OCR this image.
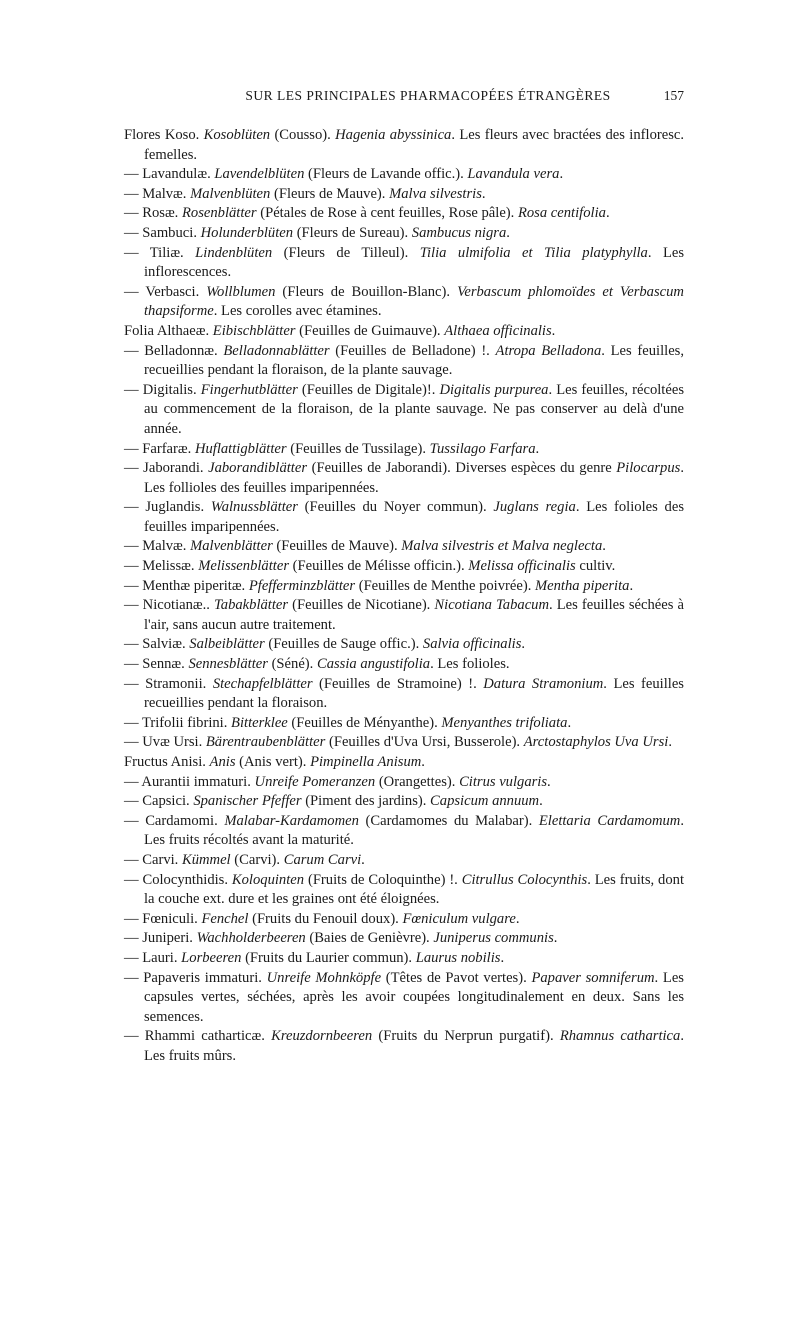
SUR LES PRINCIPALES PHARMACOPÉES ÉTRANGÈRES	157

Flores Koso. Kosoblüten (Cousso). Hagenia abyssinica. Les fleurs avec bractées des infloresc. femelles.

— Lavandulæ. Lavendelblüten (Fleurs de Lavande offic.). Lavandula vera.

— Malvæ. Malvenblüten (Fleurs de Mauve). Malva silvestris.

— Rosæ. Rosenblätter (Pétales de Rose à cent feuilles, Rose pâle). Rosa centifolia.

— Sambuci. Holunderblüten (Fleurs de Sureau). Sambucus nigra.

— Tiliæ. Lindenblüten (Fleurs de Tilleul). Tilia ulmifolia et Tilia platyphylla. Les inflorescences.

— Verbasci. Wollblumen (Fleurs de Bouillon-Blanc). Verbascum phlomoïdes et Verbascum thapsiforme. Les corolles avec étamines.

Folia Althaeæ. Eibischblätter (Feuilles de Guimauve). Althaea officinalis.

— Belladonnæ. Belladonnablätter (Feuilles de Belladone) !. Atropa Belladona. Les feuilles, recueillies pendant la floraison, de la plante sauvage.

— Digitalis. Fingerhutblätter (Feuilles de Digitale)!. Digitalis purpurea. Les feuilles, récoltées au commencement de la floraison, de la plante sauvage. Ne pas conserver au delà d'une année.

— Farfaræ. Huflattigblätter (Feuilles de Tussilage). Tussilago Farfara.

— Jaborandi. Jaborandiblätter (Feuilles de Jaborandi). Diverses espèces du genre Pilocarpus. Les follioles des feuilles imparipennées.

— Juglandis. Walnussblätter (Feuilles du Noyer commun). Juglans regia. Les folioles des feuilles imparipennées.

— Malvæ. Malvenblätter (Feuilles de Mauve). Malva silvestris et Malva neglecta.

— Melissæ. Melissenblätter (Feuilles de Mélisse officin.). Melissa officinalis cultiv.

— Menthæ piperitæ. Pfefferminzblätter (Feuilles de Menthe poivrée). Mentha piperita.

— Nicotianæ.. Tabakblätter (Feuilles de Nicotiane). Nicotiana Tabacum. Les feuilles séchées à l'air, sans aucun autre traitement.

— Salviæ. Salbeiblätter (Feuilles de Sauge offic.). Salvia officinalis.

— Sennæ. Sennesblätter (Séné). Cassia angustifolia. Les folioles.

— Stramonii. Stechapfelblätter (Feuilles de Stramoine) !. Datura Stramonium. Les feuilles recueillies pendant la floraison.

— Trifolii fibrini. Bitterklee (Feuilles de Ményanthe). Menyanthes trifoliata.

— Uvæ Ursi. Bärentraubenblätter (Feuilles d'Uva Ursi, Busserole). Arctostaphylos Uva Ursi.

Fructus Anisi. Anis (Anis vert). Pimpinella Anisum.

— Aurantii immaturi. Unreife Pomeranzen (Orangettes). Citrus vulgaris.

— Capsici. Spanischer Pfeffer (Piment des jardins). Capsicum annuum.

— Cardamomi. Malabar-Kardamomen (Cardamomes du Malabar). Elettaria Cardamomum. Les fruits récoltés avant la maturité.

— Carvi. Kümmel (Carvi). Carum Carvi.

— Colocynthidis. Koloquinten (Fruits de Coloquinthe) !. Citrullus Colocynthis. Les fruits, dont la couche ext. dure et les graines ont été éloignées.

— Fœniculi. Fenchel (Fruits du Fenouil doux). Fœniculum vulgare.

— Juniperi. Wachholderbeeren (Baies de Genièvre). Juniperus communis.

— Lauri. Lorbeeren (Fruits du Laurier commun). Laurus nobilis.

— Papaveris immaturi. Unreife Mohnköpfe (Têtes de Pavot vertes). Papaver somniferum. Les capsules vertes, séchées, après les avoir coupées longitudinalement en deux. Sans les semences.

— Rhammi catharticæ. Kreuzdornbeeren (Fruits du Nerprun purgatif). Rhamnus cathartica. Les fruits mûrs.
